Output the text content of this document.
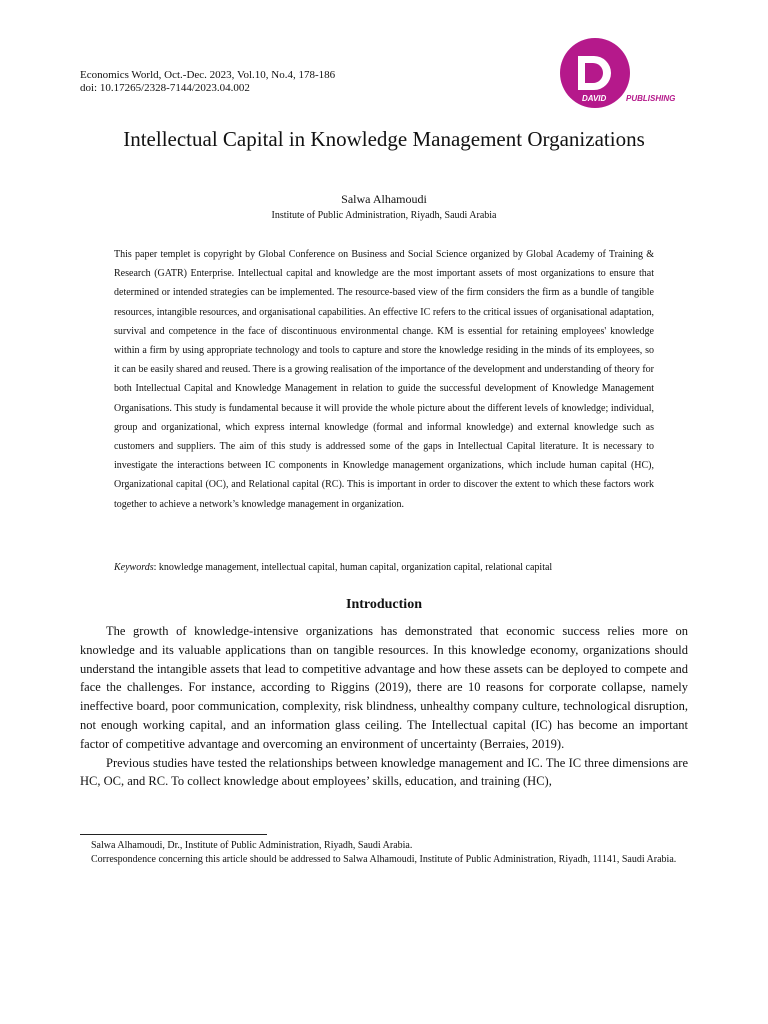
Economics World, Oct.-Dec. 2023, Vol.10, No.4, 178-186
doi: 10.17265/2328-7144/2023.04.002
DAVID PUBLISHING
Intellectual Capital in Knowledge Management Organizations
Salwa Alhamoudi
Institute of Public Administration, Riyadh, Saudi Arabia

This paper templet is copyright by Global Conference on Business and Social Science organized by Global Academy of Training & Research (GATR) Enterprise. Intellectual capital and knowledge are the most important assets of most organizations to ensure that determined or intended strategies can be implemented. The resource-based view of the firm considers the firm as a bundle of tangible resources, intangible resources, and organisational capabilities. An effective IC refers to the critical issues of organisational adaptation, survival and competence in the face of discontinuous environmental change. KM is essential for retaining employees' knowledge within a firm by using appropriate technology and tools to capture and store the knowledge residing in the minds of its employees, so it can be easily shared and reused. There is a growing realisation of the importance of the development and understanding of theory for both Intellectual Capital and Knowledge Management in relation to guide the successful development of Knowledge Management Organisations. This study is fundamental because it will provide the whole picture about the different levels of knowledge; individual, group and organizational, which express internal knowledge (formal and informal knowledge) and external knowledge such as customers and suppliers. The aim of this study is addressed some of the gaps in Intellectual Capital literature. It is necessary to investigate the interactions between IC components in Knowledge management organizations, which include human capital (HC), Organizational capital (OC), and Relational capital (RC). This is important in order to discover the extent to which these factors work together to achieve a network’s knowledge management in organization.

Keywords: knowledge management, intellectual capital, human capital, organization capital, relational capital

Introduction

The growth of knowledge-intensive organizations has demonstrated that economic success relies more on knowledge and its valuable applications than on tangible resources. In this knowledge economy, organizations should understand the intangible assets that lead to competitive advantage and how these assets can be deployed to compete and face the challenges. For instance, according to Riggins (2019), there are 10 reasons for corporate collapse, namely ineffective board, poor communication, complexity, risk blindness, unhealthy company culture, technological disruption, not enough working capital, and an information glass ceiling. The Intellectual capital (IC) has become an important factor of competitive advantage and overcoming an environment of uncertainty (Berraies, 2019).

Previous studies have tested the relationships between knowledge management and IC. The IC three dimensions are HC, OC, and RC. To collect knowledge about employees’ skills, education, and training (HC),

Salwa Alhamoudi, Dr., Institute of Public Administration, Riyadh, Saudi Arabia.

Correspondence concerning this article should be addressed to Salwa Alhamoudi, Institute of Public Administration, Riyadh, 11141, Saudi Arabia.
